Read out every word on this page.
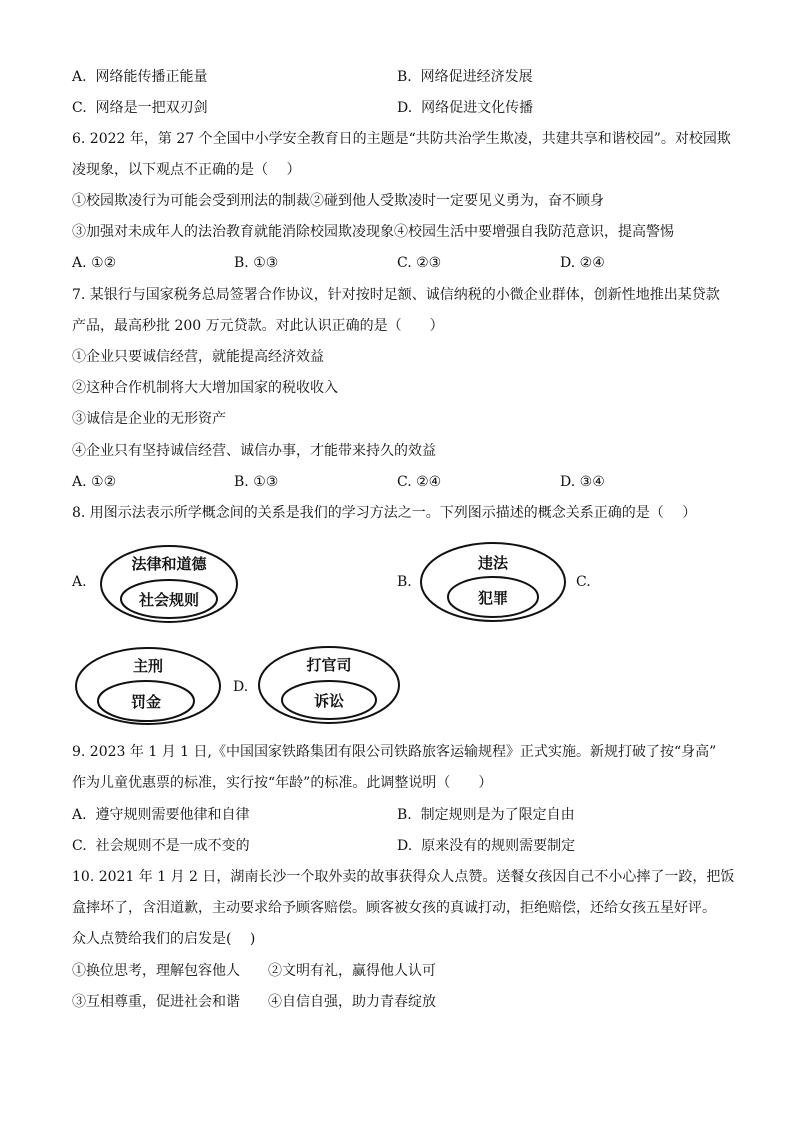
A. 网络能传播正能量	B. 网络促进经济发展
C. 网络是一把双刃剑	D. 网络促进文化传播
6. 2022 年，第 27 个全国中小学安全教育日的主题是“共防共治学生欺凌，共建共享和谐校园”。对校园欺
凌现象，以下观点不正确的是（　 ）
①校园欺凌行为可能会受到刑法的制裁②碰到他人受欺凌时一定要见义勇为，奋不顾身
③加强对未成年人的法治教育就能消除校园欺凌现象④校园生活中要增强自我防范意识，提高警惕
A. ①②	B. ①③	C. ②③	D. ②④
7. 某银行与国家税务总局签署合作协议，针对按时足额、诚信纳税的小微企业群体，创新性地推出某贷款
产品，最高秒批 200 万元贷款。对此认识正确的是（　　）
①企业只要诚信经营，就能提高经济效益
②这种合作机制将大大增加国家的税收收入
③诚信是企业的无形资产
④企业只有坚持诚信经营、诚信办事，才能带来持久的效益
A. ①②	B. ①③	C. ②④	D. ③④
8. 用图示法表示所学概念间的关系是我们的学习方法之一。下列图示描述的概念关系正确的是（　 ）
A.
法律和道德
社会规则
B.
违法
犯罪
C.
主刑
罚金
D.
打官司
诉讼
9. 2023 年 1 月 1 日,《中国国家铁路集团有限公司铁路旅客运输规程》正式实施。新规打破了按“身高”
作为儿童优惠票的标准，实行按“年龄”的标准。此调整说明（　　）
A. 遵守规则需要他律和自律	B. 制定规则是为了限定自由
C. 社会规则不是一成不变的	D. 原来没有的规则需要制定
10. 2021 年 1 月 2 日，湖南长沙一个取外卖的故事获得众人点赞。送餐女孩因自己不小心摔了一跤，把饭
盒摔坏了，含泪道歉，主动要求给予顾客赔偿。顾客被女孩的真诚打动，拒绝赔偿，还给女孩五星好评。
众人点赞给我们的启发是(　 )
①换位思考，理解包容他人　　②文明有礼，赢得他人认可
③互相尊重，促进社会和谐　　④自信自强，助力青春绽放
